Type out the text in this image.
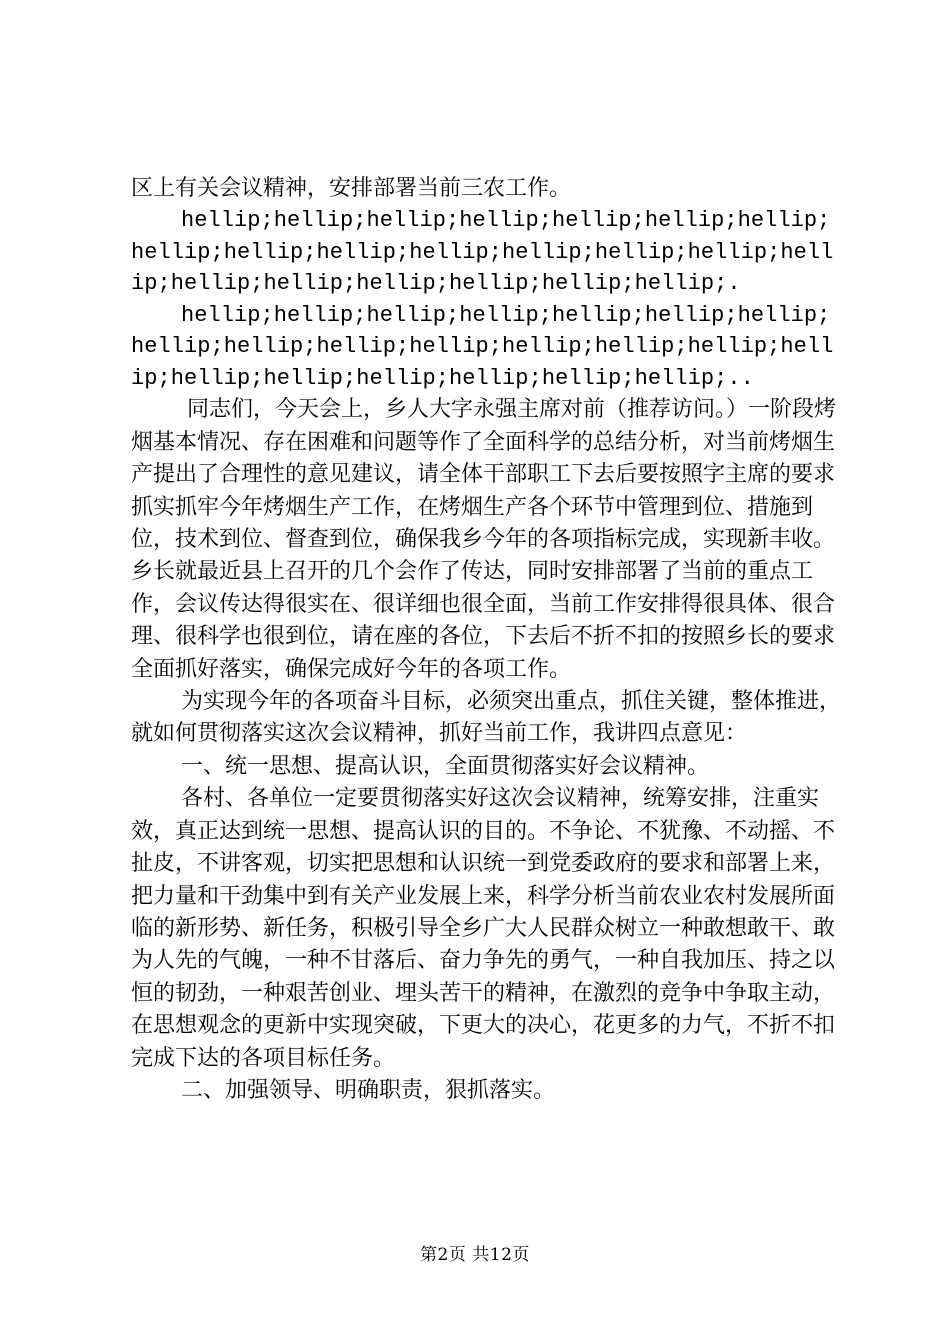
区上有关会议精神，安排部署当前三农工作。

hellip;hellip;hellip;hellip;hellip;hellip;hellip;hellip;hellip;hellip;hellip;hellip;hellip;hellip;hellip;hellip;hellip;hellip;hellip;hellip;hellip;.

hellip;hellip;hellip;hellip;hellip;hellip;hellip;hellip;hellip;hellip;hellip;hellip;hellip;hellip;hellip;hellip;hellip;hellip;hellip;hellip;hellip;..

同志们，今天会上，乡人大字永强主席对前（推荐访问。）一阶段烤烟基本情况、存在困难和问题等作了全面科学的总结分析，对当前烤烟生产提出了合理性的意见建议，请全体干部职工下去后要按照字主席的要求抓实抓牢今年烤烟生产工作，在烤烟生产各个环节中管理到位、措施到位，技术到位、督查到位，确保我乡今年的各项指标完成，实现新丰收。乡长就最近县上召开的几个会作了传达，同时安排部署了当前的重点工作，会议传达得很实在、很详细也很全面，当前工作安排得很具体、很合理、很科学也很到位，请在座的各位，下去后不折不扣的按照乡长的要求全面抓好落实，确保完成好今年的各项工作。

为实现今年的各项奋斗目标，必须突出重点，抓住关键，整体推进，就如何贯彻落实这次会议精神，抓好当前工作，我讲四点意见：

一、统一思想、提高认识，全面贯彻落实好会议精神。

各村、各单位一定要贯彻落实好这次会议精神，统筹安排，注重实效，真正达到统一思想、提高认识的目的。不争论、不犹豫、不动摇、不扯皮，不讲客观，切实把思想和认识统一到党委政府的要求和部署上来，把力量和干劲集中到有关产业发展上来，科学分析当前农业农村发展所面临的新形势、新任务，积极引导全乡广大人民群众树立一种敢想敢干、敢为人先的气魄，一种不甘落后、奋力争先的勇气，一种自我加压、持之以恒的韧劲，一种艰苦创业、埋头苦干的精神，在激烈的竞争中争取主动，在思想观念的更新中实现突破，下更大的决心，花更多的力气，不折不扣完成下达的各项目标任务。

二、加强领导、明确职责，狠抓落实。

第2页 共12页
